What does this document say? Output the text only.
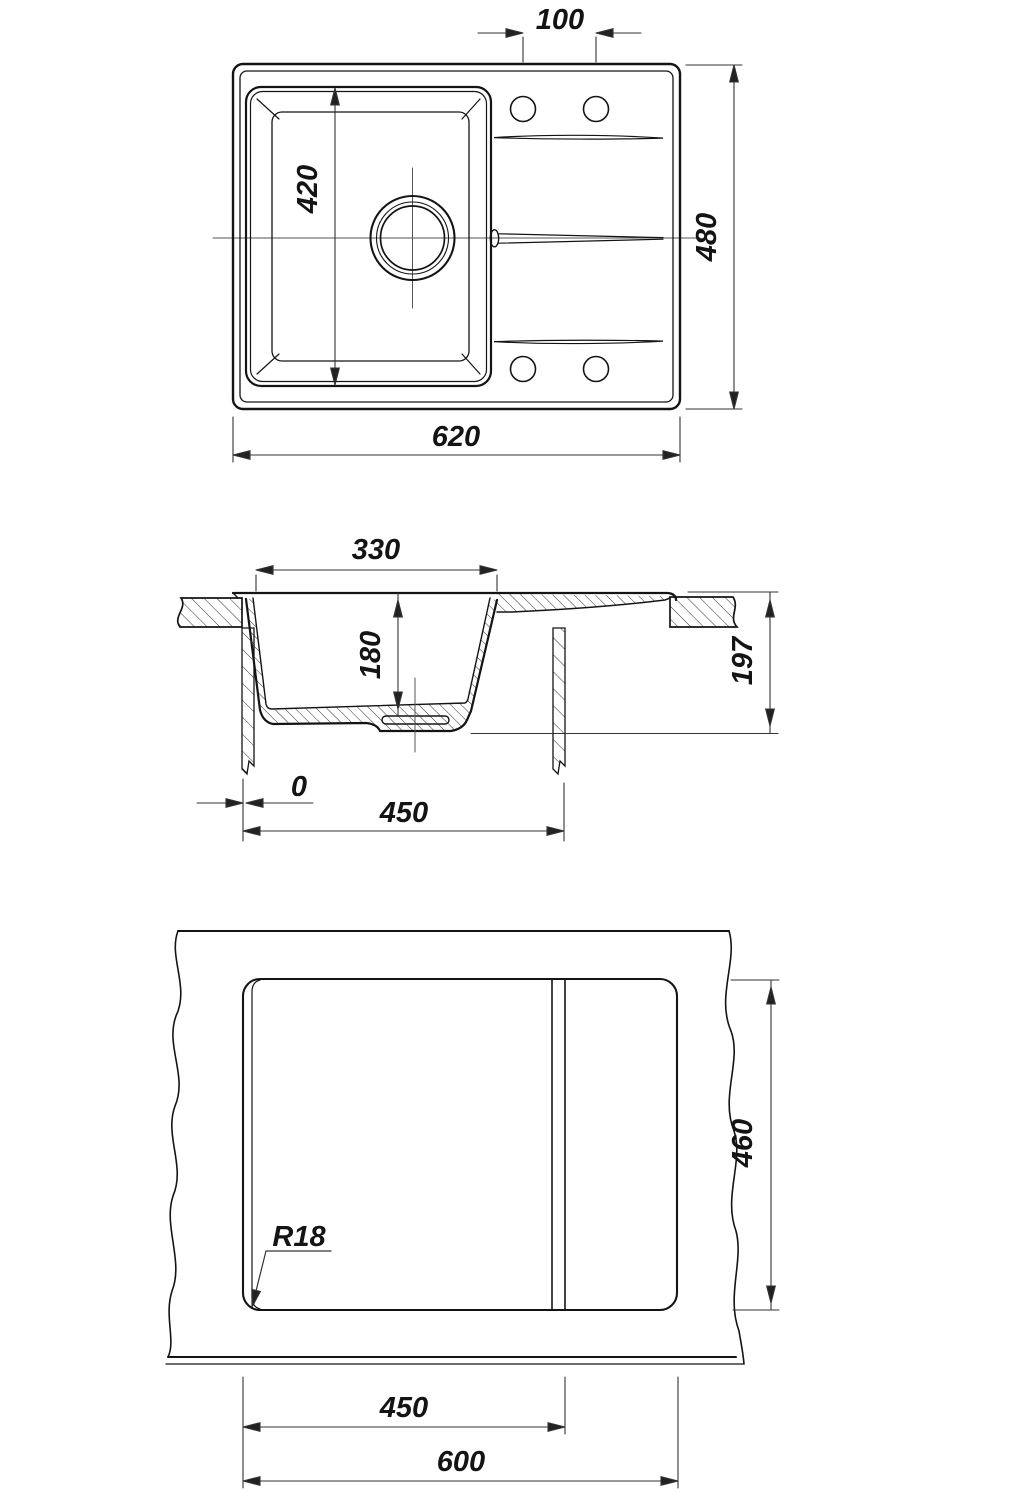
100
480
620
420
330
180	197
0
450
R18
460
450
600
